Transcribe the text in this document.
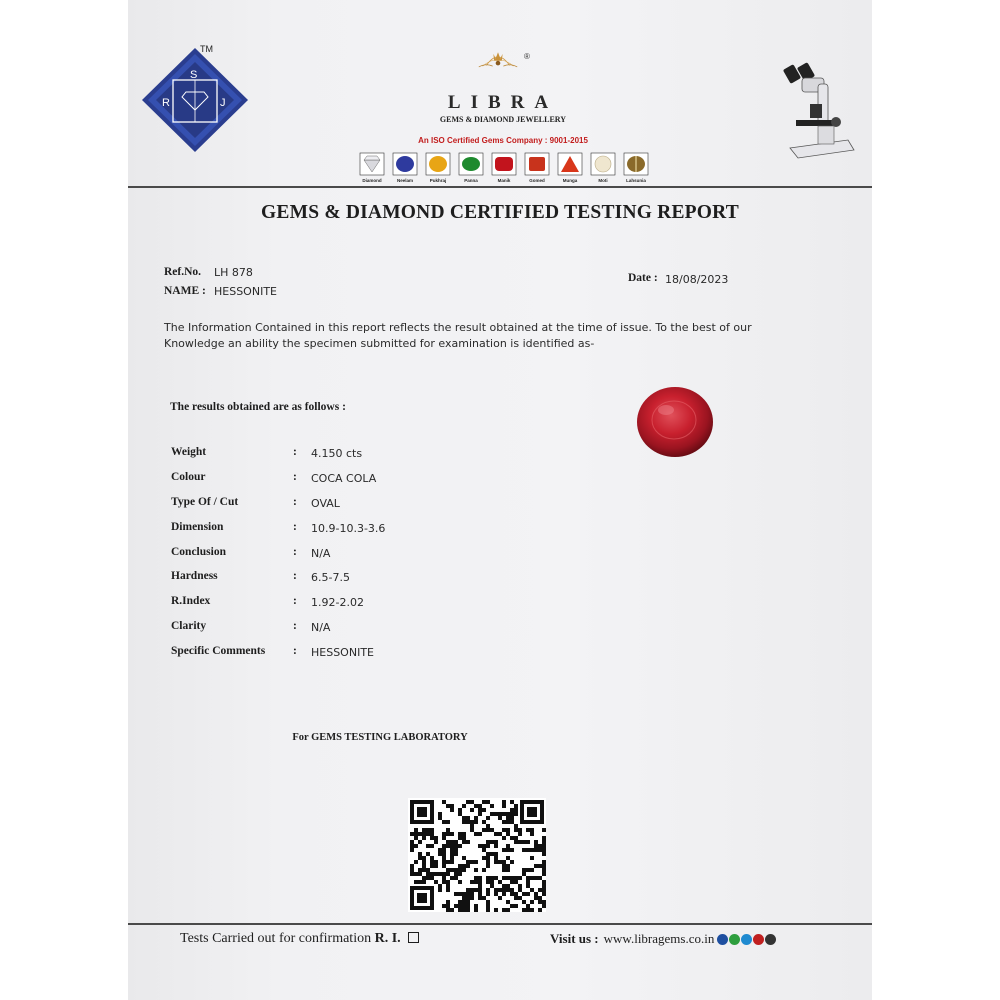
S
R	J
TM
®
LIBRA
GEMS & DIAMOND JEWELLERY
An ISO Certified Gems Company : 9001-2015
Diamond	Neelam	Pukhraj	Panna	Manik	Gomed	Munga	Moti	Lahsunia
GEMS & DIAMOND CERTIFIED TESTING REPORT
Ref.No. LH 878
NAME : HESSONITE
Date : 18/08/2023

The Information Contained in this report reflects the result obtained at the time of issue. To the best of our Knowledge an ability the specimen submitted for examination is identified as-

The results obtained are as follows :
Weight	: 4.150 cts
Colour	: COCA COLA
Type Of / Cut	: OVAL
Dimension	: 10.9-10.3-3.6
Conclusion	: N/A
Hardness	: 6.5-7.5
R.Index	: 1.92-2.02
Clarity	: N/A
Specific Comments : HESSONITE
For GEMS TESTING LABORATORY
Tests Carried out for confirmation R. I.	Visit us : www.libragems.co.in
